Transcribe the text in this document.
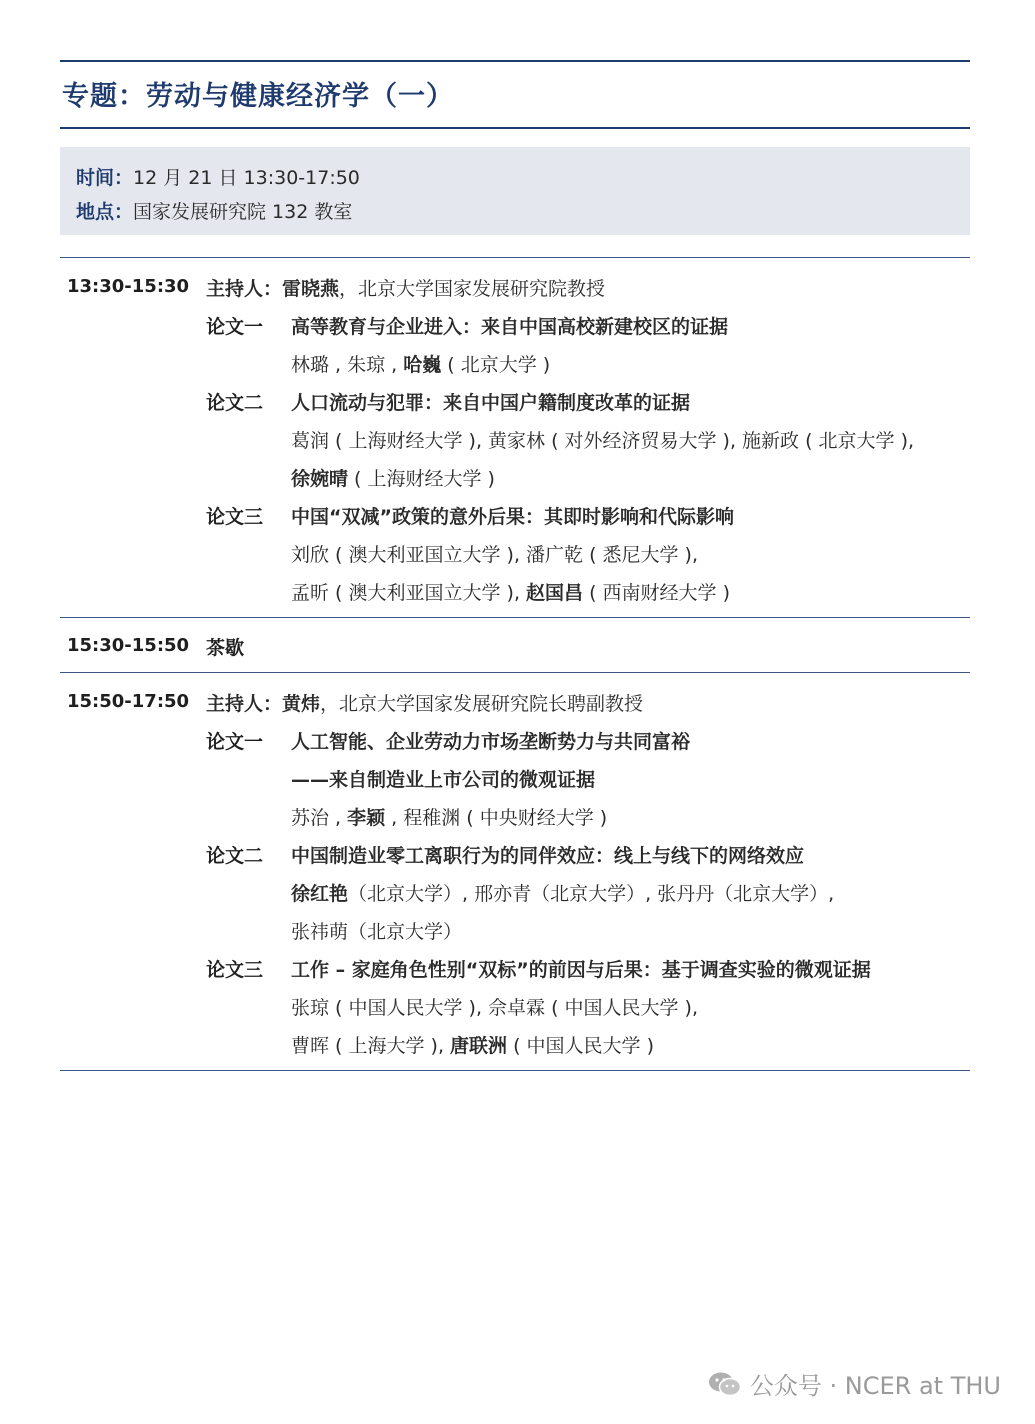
专题：劳动与健康经济学（一）
时间：12 月 21 日 13:30-17:50
地点：国家发展研究院 132 教室
13:30-15:30 主持人：雷晓燕，北京大学国家发展研究院教授
论文一 高等教育与企业进入：来自中国高校新建校区的证据
林璐 , 朱琼 , 哈巍 ( 北京大学 )
论文二 人口流动与犯罪：来自中国户籍制度改革的证据
葛润 ( 上海财经大学 ), 黄家林 ( 对外经济贸易大学 ), 施新政 ( 北京大学 ),
徐婉晴 ( 上海财经大学 )
论文三 中国“双减”政策的意外后果：其即时影响和代际影响
刘欣 ( 澳大利亚国立大学 ), 潘广乾 ( 悉尼大学 ),
孟昕 ( 澳大利亚国立大学 ), 赵国昌 ( 西南财经大学 )
15:30-15:50 茶歇
15:50-17:50 主持人：黄炜，北京大学国家发展研究院长聘副教授
论文一 人工智能、企业劳动力市场垄断势力与共同富裕
——来自制造业上市公司的微观证据
苏治 , 李颖 , 程稚渊 ( 中央财经大学 )
论文二 中国制造业零工离职行为的同伴效应：线上与线下的网络效应
徐红艳（北京大学）, 邢亦青（北京大学）, 张丹丹（北京大学）,
张祎萌（北京大学）
论文三 工作 – 家庭角色性别“双标”的前因与后果：基于调查实验的微观证据
张琼 ( 中国人民大学 ), 佘卓霖 ( 中国人民大学 ),
曹晖 ( 上海大学 ), 唐联洲 ( 中国人民大学 )
公众号 · NCER at THU
